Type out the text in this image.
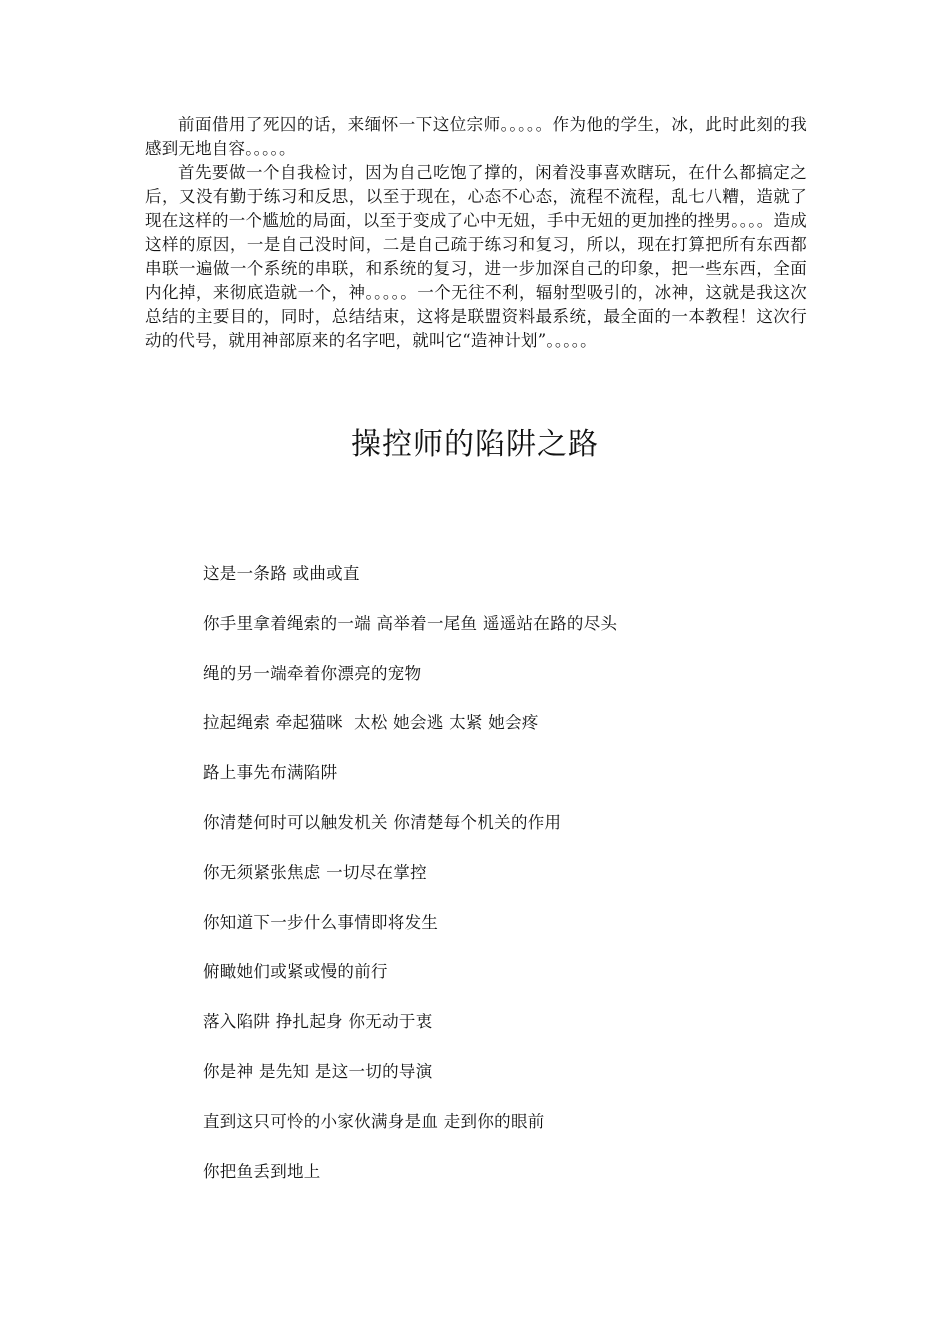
前面借用了死囚的话，来缅怀一下这位宗师。。。。。作为他的学生，冰，此时此刻的我感到无地自容。。。。。

首先要做一个自我检讨，因为自己吃饱了撑的，闲着没事喜欢瞎玩，在什么都搞定之后，又没有勤于练习和反思，以至于现在，心态不心态，流程不流程，乱七八糟，造就了现在这样的一个尴尬的局面，以至于变成了心中无妞，手中无妞的更加挫的挫男。。。。造成这样的原因，一是自己没时间，二是自己疏于练习和复习，所以，现在打算把所有东西都串联一遍做一个系统的串联，和系统的复习，进一步加深自己的印象，把一些东西，全面内化掉，来彻底造就一个，神。。。。。一个无往不利，辐射型吸引的，冰神，这就是我这次总结的主要目的，同时，总结结束，这将是联盟资料最系统，最全面的一本教程！这次行动的代号，就用神部原来的名字吧，就叫它“造神计划”。。。。。

操控师的陷阱之路
这是一条路 或曲或直
你手里拿着绳索的一端 高举着一尾鱼 遥遥站在路的尽头
绳的另一端牵着你漂亮的宠物
拉起绳索 牵起猫咪  太松 她会逃 太紧 她会疼
路上事先布满陷阱
你清楚何时可以触发机关 你清楚每个机关的作用
你无须紧张焦虑 一切尽在掌控
你知道下一步什么事情即将发生
俯瞰她们或紧或慢的前行
落入陷阱 挣扎起身 你无动于衷
你是神 是先知 是这一切的导演
直到这只可怜的小家伙满身是血 走到你的眼前
你把鱼丢到地上
